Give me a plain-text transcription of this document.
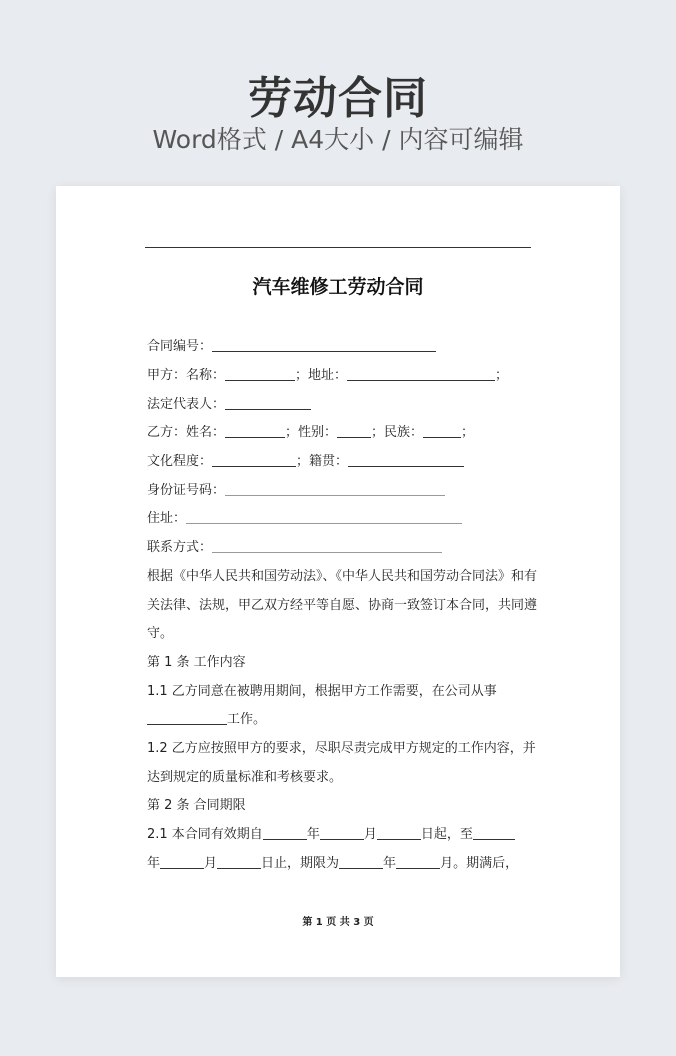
劳动合同
Word格式 / A4大小 / 内容可编辑
汽车维修工劳动合同
合同编号：
甲方：名称：	；地址：	；
法定代表人：
乙方：姓名：	；性别：	；民族：	；
文化程度：	；籍贯：
身份证号码：
住址：
联系方式：
根据《中华人民共和国劳动法》、《中华人民共和国劳动合同法》和有
关法律、法规，甲乙双方经平等自愿、协商一致签订本合同，共同遵
守。
第 1 条 工作内容
1.1 乙方同意在被聘用期间，根据甲方工作需要，在公司从事
工作。
1.2 乙方应按照甲方的要求，尽职尽责完成甲方规定的工作内容，并
达到规定的质量标准和考核要求。
第 2 条 合同期限
2.1 本合同有效期自	年	月	日起，至
年	月	日止，期限为	年	月。期满后，
第 1 页 共 3 页
